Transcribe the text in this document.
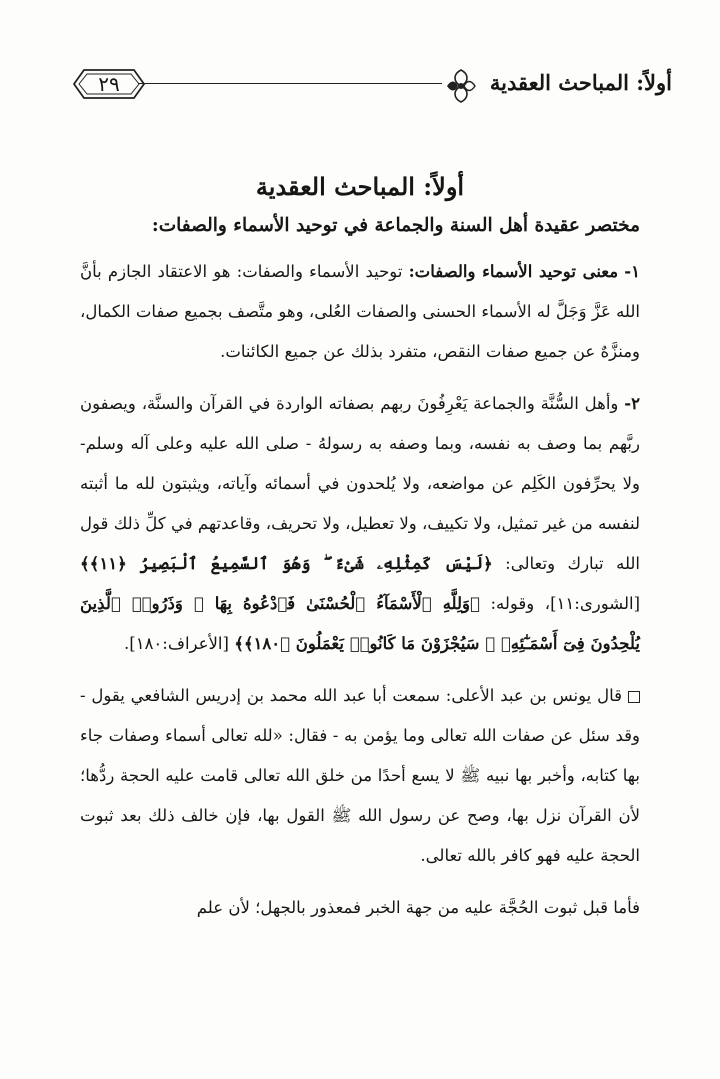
أولاً: المباحث العقدية
٢٩
أولاً: المباحث العقدية
مختصر عقيدة أهل السنة والجماعة في توحيد الأسماء والصفات:

١- معنى توحيد الأسماء والصفات: توحيد الأسماء والصفات: هو الاعتقاد الجازم بأنَّ الله عَزَّ وَجَلَّ له الأسماء الحسنى والصفات العُلى، وهو متَّصف بجميع صفات الكمال، ومنزَّهٌ عن جميع صفات النقص، متفرد بذلك عن جميع الكائنات.

٢- وأهل السُّنَّة والجماعة يَعْرِفُونَ ربهم بصفاته الواردة في القرآن والسنَّة، ويصفون ربَّهم بما وصف به نفسه، وبما وصفه به رسولهُ - صلى الله عليه وعلى آله وسلم- ولا يحرِّفون الكَلِم عن مواضعه، ولا يُلحدون في أسمائه وآياته، ويثبتون لله ما أثبته لنفسه من غير تمثيل، ولا تكييف، ولا تعطيل، ولا تحريف، وقاعدتهم في كلِّ ذلك قول الله تبارك وتعالى: ﴿لَيْسَ كَمِثْلِهِۦ شَىْءٌ ۖ وَهُوَ ٱلسَّمِيعُ ٱلْبَصِيرُ ﴿١١﴾﴾ [الشورى:١١]، وقوله: ﴿وَلِلَّهِ ٱلْأَسْمَآءُ ٱلْحُسْنَىٰ فَٱدْعُوهُ بِهَا ۖ وَذَرُوا۟ ٱلَّذِينَ يُلْحِدُونَ فِىٓ أَسْمَـٰٓئِهِۦ ۚ سَيُجْزَوْنَ مَا كَانُوا۟ يَعْمَلُونَ ﴿١٨٠﴾﴾ [الأعراف:١٨٠].

قال يونس بن عبد الأعلى: سمعت أبا عبد الله محمد بن إدريس الشافعي يقول - وقد سئل عن صفات الله تعالى وما يؤمن به - فقال: «لله تعالى أسماء وصفات جاء بها كتابه، وأخبر بها نبيه ﷺ لا يسع أحدًا من خلق الله تعالى قامت عليه الحجة ردُّها؛ لأن القرآن نزل بها، وصح عن رسول الله ﷺ القول بها، فإن خالف ذلك بعد ثبوت الحجة عليه فهو كافر بالله تعالى.

فأما قبل ثبوت الحُجَّة عليه من جهة الخبر فمعذور بالجهل؛ لأن علم
